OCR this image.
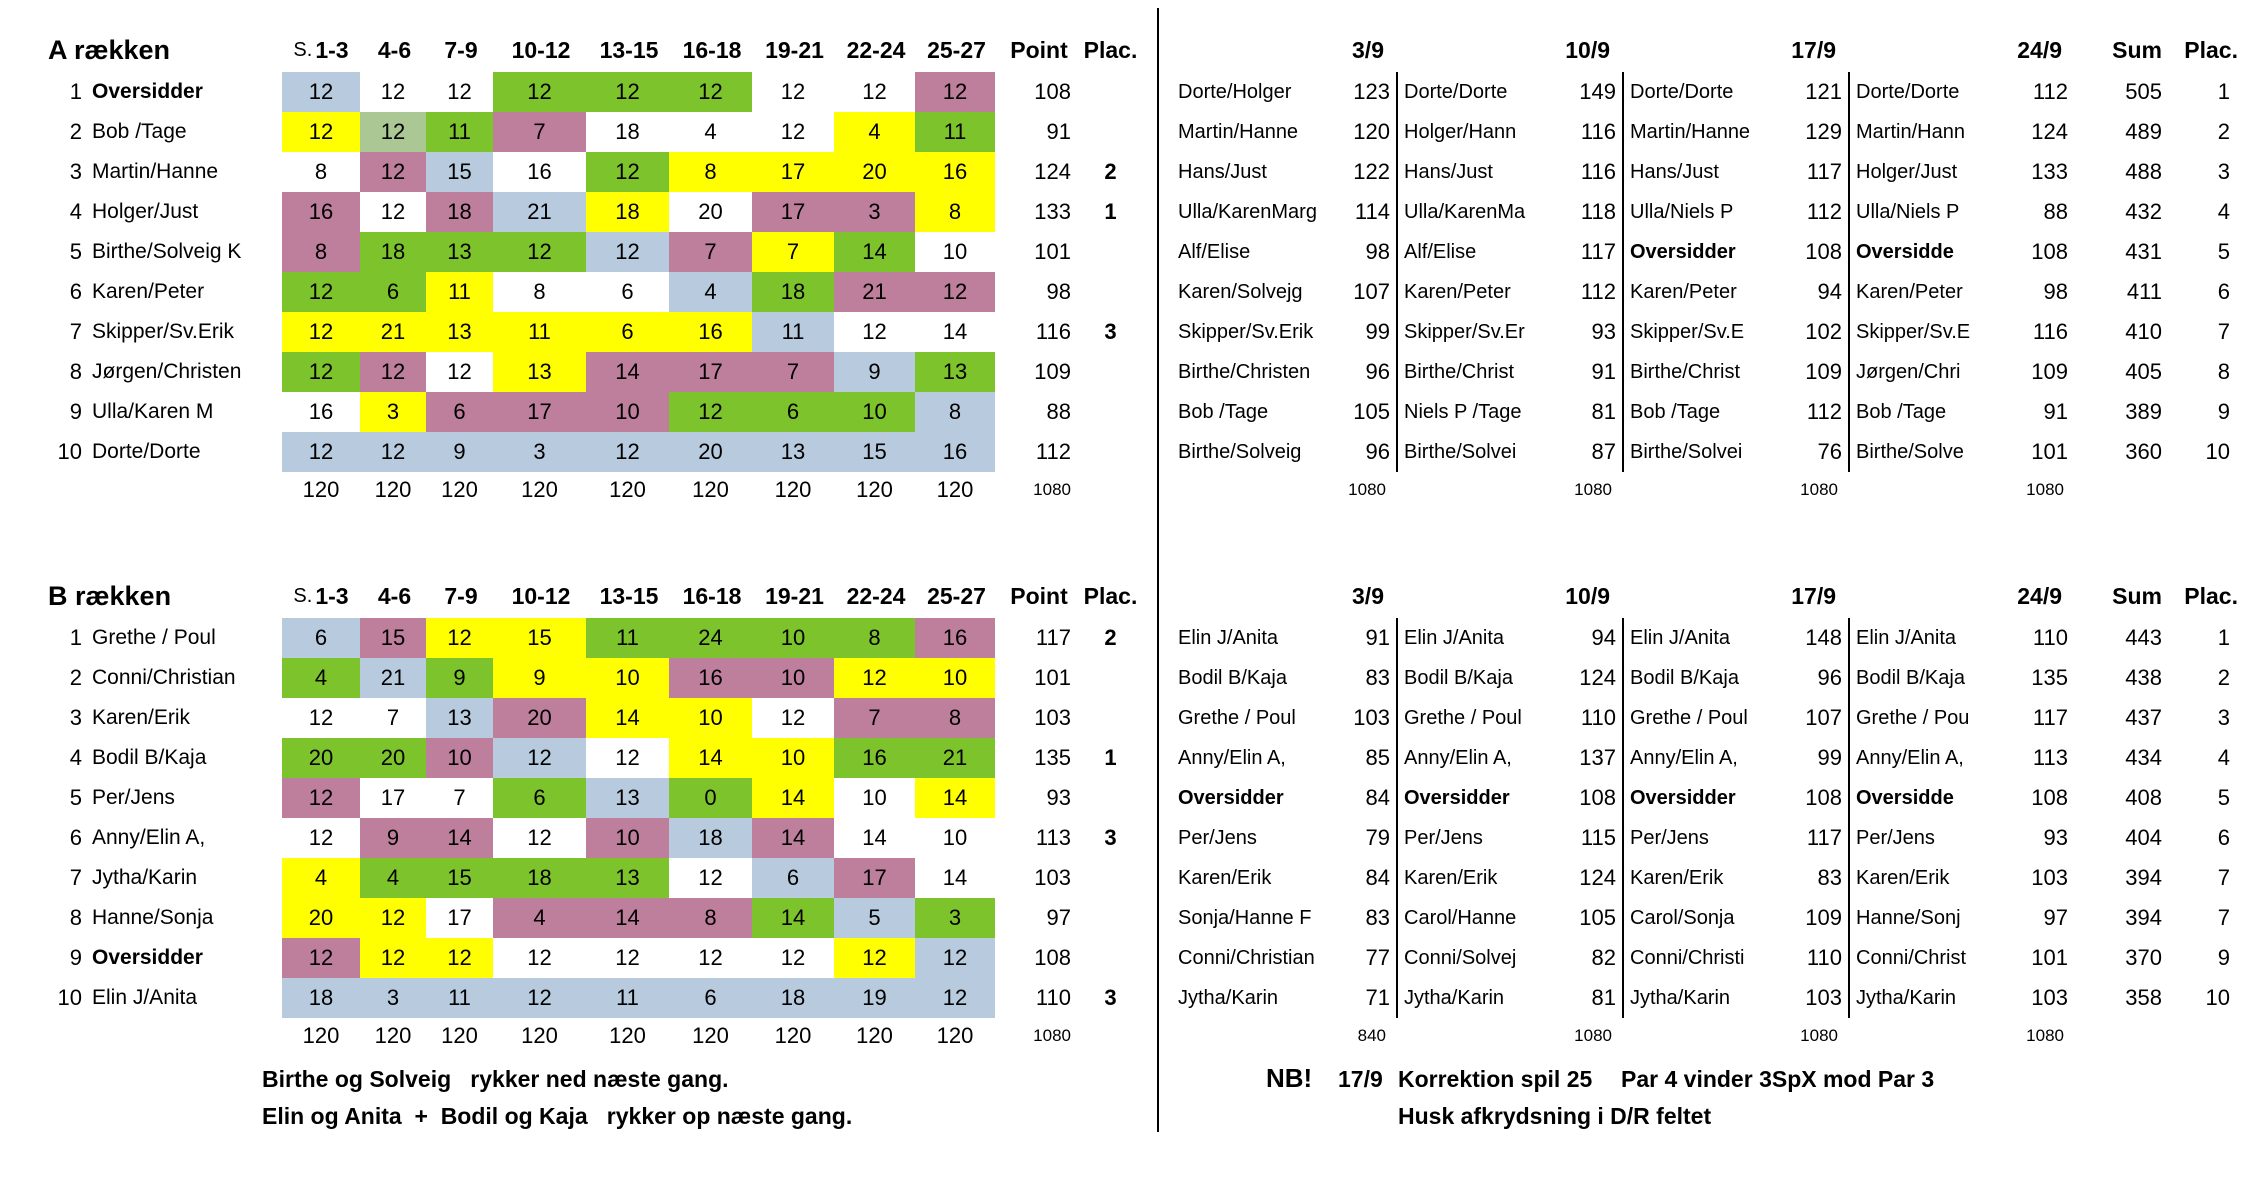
A rækken	S. 1-3 4-6 7-9 10-12 13-15 16-18 19-21 22-24 25-27	Point Plac.	3/9	10/9	17/9	24/9	Sum Plac.
1 Oversidder	12	12	12	12	12	12	12	12	12	108	Dorte/Holger	123 Dorte/Dorte	149 Dorte/Dorte	121 Dorte/Dorte	112	505	1
2 Bob /Tage	12	12	11	7	18	4	12	4	11	91	Martin/Hanne	120 Holger/Hann	116 Martin/Hanne	129 Martin/Hann	124	489	2
3 Martin/Hanne	8	12	15	16	12	8	17	20	16	124	2	Hans/Just	122 Hans/Just	116 Hans/Just	117 Holger/Just	133	488	3
4 Holger/Just	16	12	18	21	18	20	17	3	8	133	1	Ulla/KarenMarg	114 Ulla/KarenMa	118 Ulla/Niels P	112 Ulla/Niels P	88	432	4
5 Birthe/Solveig K	8	18	13	12	12	7	7	14	10	101	Alf/Elise	98 Alf/Elise	117 Oversidder	108 Oversidde	108	431	5
6 Karen/Peter	12	6	11	8	6	4	18	21	12	98	Karen/Solvejg	107 Karen/Peter	112 Karen/Peter	94 Karen/Peter	98	411	6
7 Skipper/Sv.Erik	12	21	13	11	6	16	11	12	14	116	3	Skipper/Sv.Erik	99 Skipper/Sv.Er	93 Skipper/Sv.E	102 Skipper/Sv.E	116	410	7
8 Jørgen/Christen	12	12	12	13	14	17	7	9	13	109	Birthe/Christen	96 Birthe/Christ	91 Birthe/Christ	109 Jørgen/Chri	109	405	8
9 Ulla/Karen M	16	3	6	17	10	12	6	10	8	88	Bob /Tage	105 Niels P /Tage	81 Bob /Tage	112 Bob /Tage	91	389	9
10 Dorte/Dorte	12	12	9	3	12	20	13	15	16	112	Birthe/Solveig	96 Birthe/Solvei	87 Birthe/Solvei	76 Birthe/Solve	101	360	10
120	120	120	120	120	120	120	120	120	1080	1080	1080	1080	1080
B rækken	S. 1-3 4-6 7-9 10-12 13-15 16-18 19-21 22-24 25-27	Point Plac.	3/9	10/9	17/9	24/9	Sum Plac.
1 Grethe / Poul	6	15	12	15	11	24	10	8	16	117	2	Elin J/Anita	91 Elin J/Anita	94 Elin J/Anita	148 Elin J/Anita	110	443	1
2 Conni/Christian	4	21	9	9	10	16	10	12	10	101	Bodil B/Kaja	83 Bodil B/Kaja	124 Bodil B/Kaja	96 Bodil B/Kaja	135	438	2
3 Karen/Erik	12	7	13	20	14	10	12	7	8	103	Grethe / Poul	103 Grethe / Poul	110 Grethe / Poul	107 Grethe / Pou	117	437	3
4 Bodil B/Kaja	20	20	10	12	12	14	10	16	21	135	1	Anny/Elin A,	85 Anny/Elin A,	137 Anny/Elin A,	99 Anny/Elin A,	113	434	4
5 Per/Jens	12	17	7	6	13	0	14	10	14	93	Oversidder	84 Oversidder	108 Oversidder	108 Oversidde	108	408	5
6 Anny/Elin A,	12	9	14	12	10	18	14	14	10	113	3	Per/Jens	79 Per/Jens	115 Per/Jens	117 Per/Jens	93	404	6
7 Jytha/Karin	4	4	15	18	13	12	6	17	14	103	Karen/Erik	84 Karen/Erik	124 Karen/Erik	83 Karen/Erik	103	394	7
8 Hanne/Sonja	20	12	17	4	14	8	14	5	3	97	Sonja/Hanne F	83 Carol/Hanne	105 Carol/Sonja	109 Hanne/Sonj	97	394	7
9 Oversidder	12	12	12	12	12	12	12	12	12	108	Conni/Christian	77 Conni/Solvej	82 Conni/Christi	110 Conni/Christ	101	370	9
10 Elin J/Anita	18	3	11	12	11	6	18	19	12	110	3	Jytha/Karin	71 Jytha/Karin	81 Jytha/Karin	103 Jytha/Karin	103	358	10
120	120	120	120	120	120	120	120	120	1080	840	1080	1080	1080
Birthe og Solveig   rykker ned næste gang.
Elin og Anita  +  Bodil og Kaja   rykker op næste gang.
NB! 17/9 Korrektion spil 25 Par 4 vinder 3SpX mod Par 3
Husk afkrydsning i D/R feltet
